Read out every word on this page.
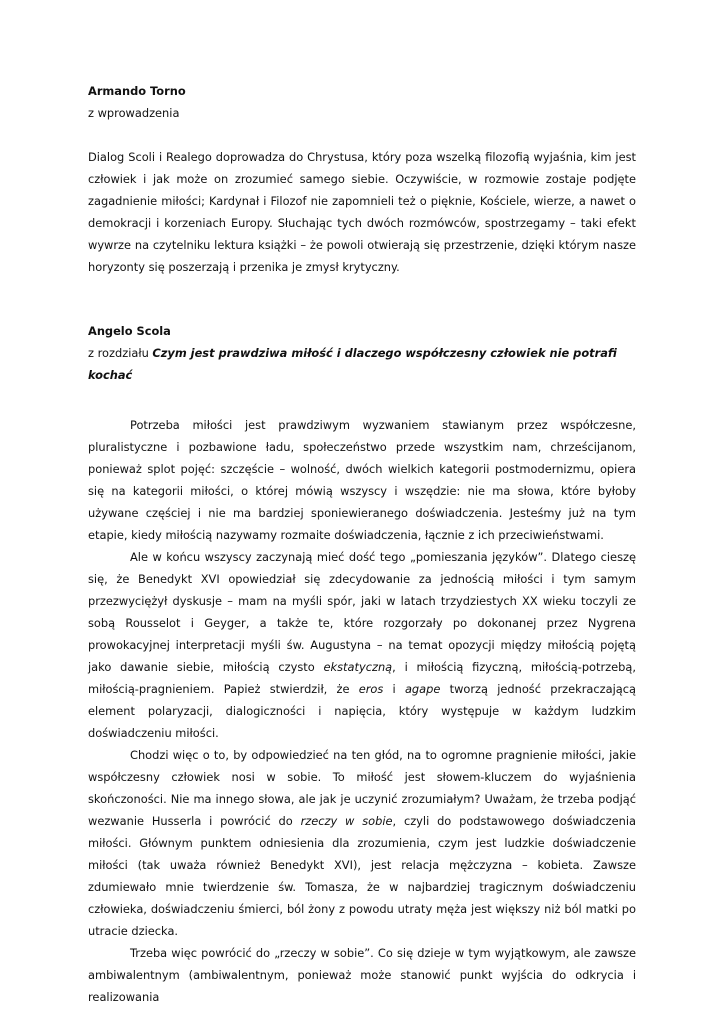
Armando Torno

z wprowadzenia

Dialog Scoli i Realego doprowadza do Chrystusa, który poza wszelką filozofią wyjaśnia, kim jest człowiek i jak może on zrozumieć samego siebie. Oczywiście, w rozmowie zostaje podjęte zagadnienie miłości; Kardynał i Filozof nie zapomnieli też o pięknie, Kościele, wierze, a nawet o demokracji i korzeniach Europy. Słuchając tych dwóch rozmówców, spostrzegamy – taki efekt wywrze na czytelniku lektura książki – że powoli otwierają się przestrzenie, dzięki którym nasze horyzonty się poszerzają i przenika je zmysł krytyczny.

Angelo Scola

z rozdziału Czym jest prawdziwa miłość i dlaczego współczesny człowiek nie potrafi kochać

Potrzeba miłości jest prawdziwym wyzwaniem stawianym przez współczesne, pluralistyczne i pozbawione ładu, społeczeństwo przede wszystkim nam, chrześcijanom, ponieważ splot pojęć: szczęście – wolność, dwóch wielkich kategorii postmodernizmu, opiera się na kategorii miłości, o której mówią wszyscy i wszędzie: nie ma słowa, które byłoby używane częściej i nie ma bardziej sponiewieranego doświadczenia. Jesteśmy już na tym etapie, kiedy miłością nazywamy rozmaite doświadczenia, łącznie z ich przeciwieństwami.

Ale w końcu wszyscy zaczynają mieć dość tego „pomieszania języków”. Dlatego cieszę się, że Benedykt XVI opowiedział się zdecydowanie za jednością miłości i tym samym przezwyciężył dyskusje – mam na myśli spór, jaki w latach trzydziestych XX wieku toczyli ze sobą Rousselot i Geyger, a także te, które rozgorzały po dokonanej przez Nygrena prowokacyjnej interpretacji myśli św. Augustyna – na temat opozycji między miłością pojętą jako dawanie siebie, miłością czysto ekstatyczną, i miłością fizyczną, miłością-potrzebą, miłością-pragnieniem. Papież stwierdził, że eros i agape tworzą jedność przekraczającą element polaryzacji, dialogiczności i napięcia, który występuje w każdym ludzkim doświadczeniu miłości.

Chodzi więc o to, by odpowiedzieć na ten głód, na to ogromne pragnienie miłości, jakie współczesny człowiek nosi w sobie. To miłość jest słowem-kluczem do wyjaśnienia skończoności. Nie ma innego słowa, ale jak je uczynić zrozumiałym? Uważam, że trzeba podjąć wezwanie Husserla i powrócić do rzeczy w sobie, czyli do podstawowego doświadczenia miłości. Głównym punktem odniesienia dla zrozumienia, czym jest ludzkie doświadczenie miłości (tak uważa również Benedykt XVI), jest relacja mężczyzna – kobieta. Zawsze zdumiewało mnie twierdzenie św. Tomasza, że w najbardziej tragicznym doświadczeniu człowieka, doświadczeniu śmierci, ból żony z powodu utraty męża jest większy niż ból matki po utracie dziecka.

Trzeba więc powrócić do „rzeczy w sobie”. Co się dzieje w tym wyjątkowym, ale zawsze ambiwalentnym (ambiwalentnym, ponieważ może stanowić punkt wyjścia do odkrycia i realizowania
